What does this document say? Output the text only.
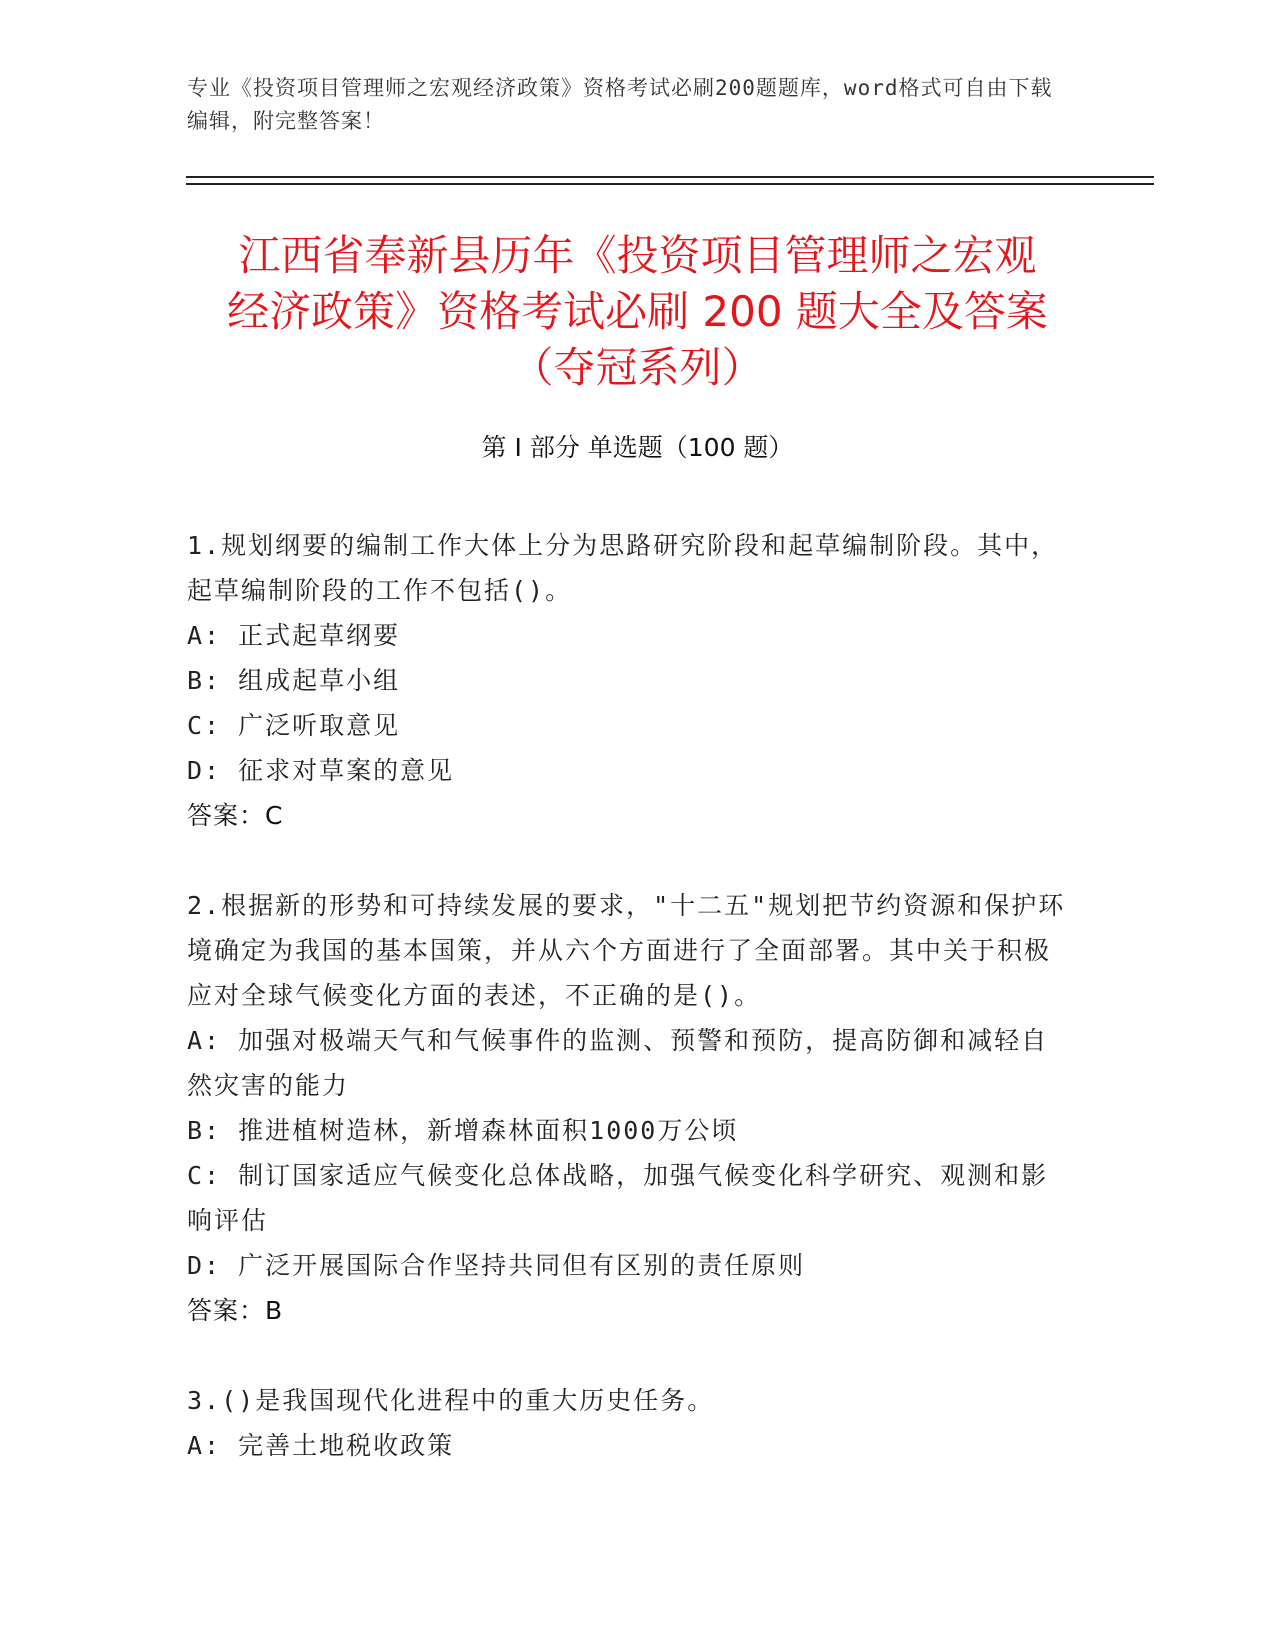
专业《投资项目管理师之宏观经济政策》资格考试必刷200题题库，word格式可自由下载编辑，附完整答案！
江西省奉新县历年《投资项目管理师之宏观
经济政策》资格考试必刷 200 题大全及答案
（夺冠系列）
第 I 部分 单选题（100 题）

1.规划纲要的编制工作大体上分为思路研究阶段和起草编制阶段。其中，起草编制阶段的工作不包括()。

A: 正式起草纲要

B: 组成起草小组

C: 广泛听取意见

D: 征求对草案的意见

答案：C

2.根据新的形势和可持续发展的要求，"十二五"规划把节约资源和保护环境确定为我国的基本国策，并从六个方面进行了全面部署。其中关于积极应对全球气候变化方面的表述，不正确的是()。

A: 加强对极端天气和气候事件的监测、预警和预防，提高防御和减轻自然灾害的能力

B: 推进植树造林，新增森林面积1000万公顷

C: 制订国家适应气候变化总体战略，加强气候变化科学研究、观测和影响评估

D: 广泛开展国际合作坚持共同但有区别的责任原则

答案：B

3.()是我国现代化进程中的重大历史任务。

A: 完善土地税收政策
